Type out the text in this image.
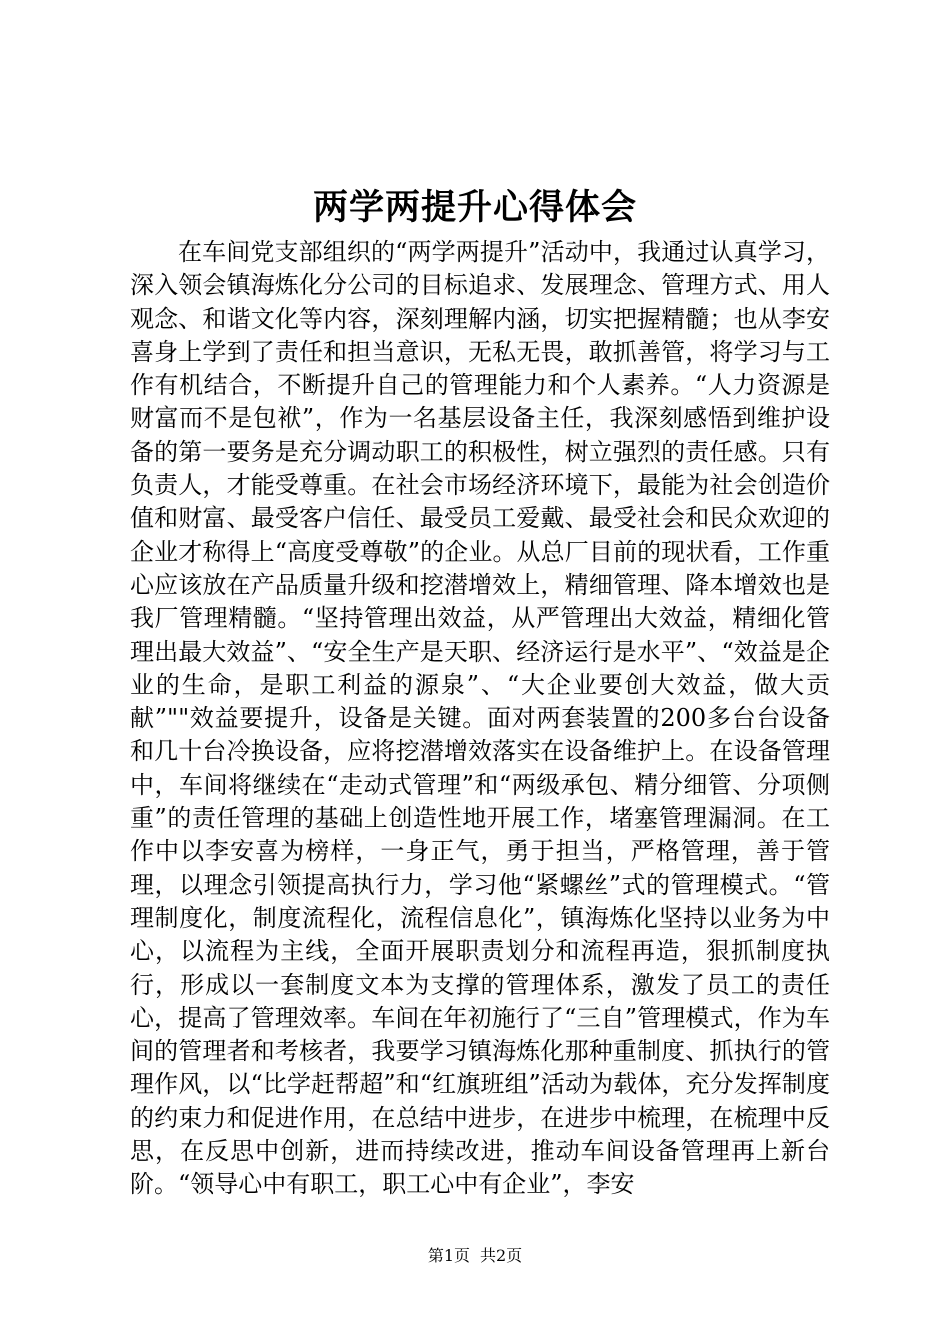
两学两提升心得体会

在车间党支部组织的“两学两提升”活动中，我通过认真学习，深入领会镇海炼化分公司的目标追求、发展理念、管理方式、用人观念、和谐文化等内容，深刻理解内涵，切实把握精髓；也从李安喜身上学到了责任和担当意识，无私无畏，敢抓善管，将学习与工作有机结合，不断提升自己的管理能力和个人素养。“人力资源是财富而不是包袱”，作为一名基层设备主任，我深刻感悟到维护设备的第一要务是充分调动职工的积极性，树立强烈的责任感。只有负责人，才能受尊重。在社会市场经济环境下，最能为社会创造价值和财富、最受客户信任、最受员工爱戴、最受社会和民众欢迎的企业才称得上“高度受尊敬”的企业。从总厂目前的现状看，工作重心应该放在产品质量升级和挖潜增效上，精细管理、降本增效也是我厂管理精髓。“坚持管理出效益，从严管理出大效益，精细化管理出最大效益”、“安全生产是天职、经济运行是水平”、“效益是企业的生命，是职工利益的源泉”、“大企业要创大效益，做大贡献”""效益要提升，设备是关键。面对两套装置的200多台台设备和几十台冷换设备，应将挖潜增效落实在设备维护上。在设备管理中，车间将继续在“走动式管理”和“两级承包、精分细管、分项侧重”的责任管理的基础上创造性地开展工作，堵塞管理漏洞。在工作中以李安喜为榜样，一身正气，勇于担当，严格管理，善于管理，以理念引领提高执行力，学习他“紧螺丝”式的管理模式。“管理制度化，制度流程化，流程信息化”，镇海炼化坚持以业务为中心，以流程为主线，全面开展职责划分和流程再造，狠抓制度执行，形成以一套制度文本为支撑的管理体系，激发了员工的责任心，提高了管理效率。车间在年初施行了“三自”管理模式，作为车间的管理者和考核者，我要学习镇海炼化那种重制度、抓执行的管理作风，以“比学赶帮超”和“红旗班组”活动为载体，充分发挥制度的约束力和促进作用，在总结中进步，在进步中梳理，在梳理中反思，在反思中创新，进而持续改进，推动车间设备管理再上新台阶。“领导心中有职工，职工心中有企业”，李安

第1页 共2页
